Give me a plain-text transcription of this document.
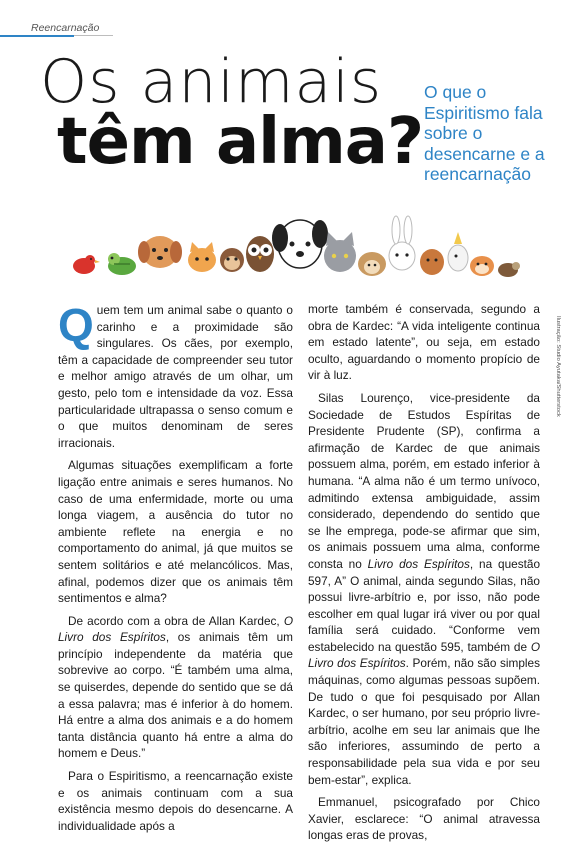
Reencarnação
Os animais
têm alma?
O que o Espiritismo fala sobre o desencarne e a reencarnação
Ilustração: Studio Ayutaka/Shutterstock

Quem tem um animal sabe o quanto o carinho e a proximidade são singulares. Os cães, por exemplo, têm a capacidade de compreender seu tutor e melhor amigo através de um olhar, um gesto, pelo tom e intensidade da voz. Essa particularidade ultrapassa o senso comum e o que muitos denominam de seres irracionais.

Algumas situações exemplificam a forte ligação entre animais e seres humanos. No caso de uma enfermidade, morte ou uma longa viagem, a ausência do tutor no ambiente reflete na energia e no comportamento do animal, já que muitos se sentem solitários e até melancólicos. Mas, afinal, podemos dizer que os animais têm sentimentos e alma?

De acordo com a obra de Allan Kardec, O Livro dos Espíritos, os animais têm um princípio independente da matéria que sobrevive ao corpo. “É também uma alma, se quiserdes, depende do sentido que se dá a essa palavra; mas é inferior à do homem. Há entre a alma dos animais e a do homem tanta distância quanto há entre a alma do homem e Deus.”

Para o Espiritismo, a reencarnação existe e os animais continuam com a sua existência mesmo depois do desencarne. A individualidade após a

morte também é conservada, segundo a obra de Kardec: “A vida inteligente continua em estado latente”, ou seja, em estado oculto, aguardando o momento propício de vir à luz.

Silas Lourenço, vice-presidente da Sociedade de Estudos Espíritas de Presidente Prudente (SP), confirma a afirmação de Kardec de que animais possuem alma, porém, em estado inferior à humana. “A alma não é um termo unívoco, admitindo extensa ambiguidade, assim considerado, dependendo do sentido que se lhe emprega, pode-se afirmar que sim, os animais possuem uma alma, conforme consta no Livro dos Espíritos, na questão 597, A” O animal, ainda segundo Silas, não possui livre-arbítrio e, por isso, não pode escolher em qual lugar irá viver ou por qual família será cuidado. “Conforme vem estabelecido na questão 595, também de O Livro dos Espíritos. Porém, não são simples máquinas, como algumas pessoas supõem. De tudo o que foi pesquisado por Allan Kardec, o ser humano, por seu próprio livre-arbítrio, acolhe em seu lar animais que lhe são inferiores, assumindo de perto a responsabilidade pela sua vida e por seu bem-estar”, explica.

Emmanuel, psicografado por Chico Xavier, esclarece: “O animal atravessa longas eras de provas,
